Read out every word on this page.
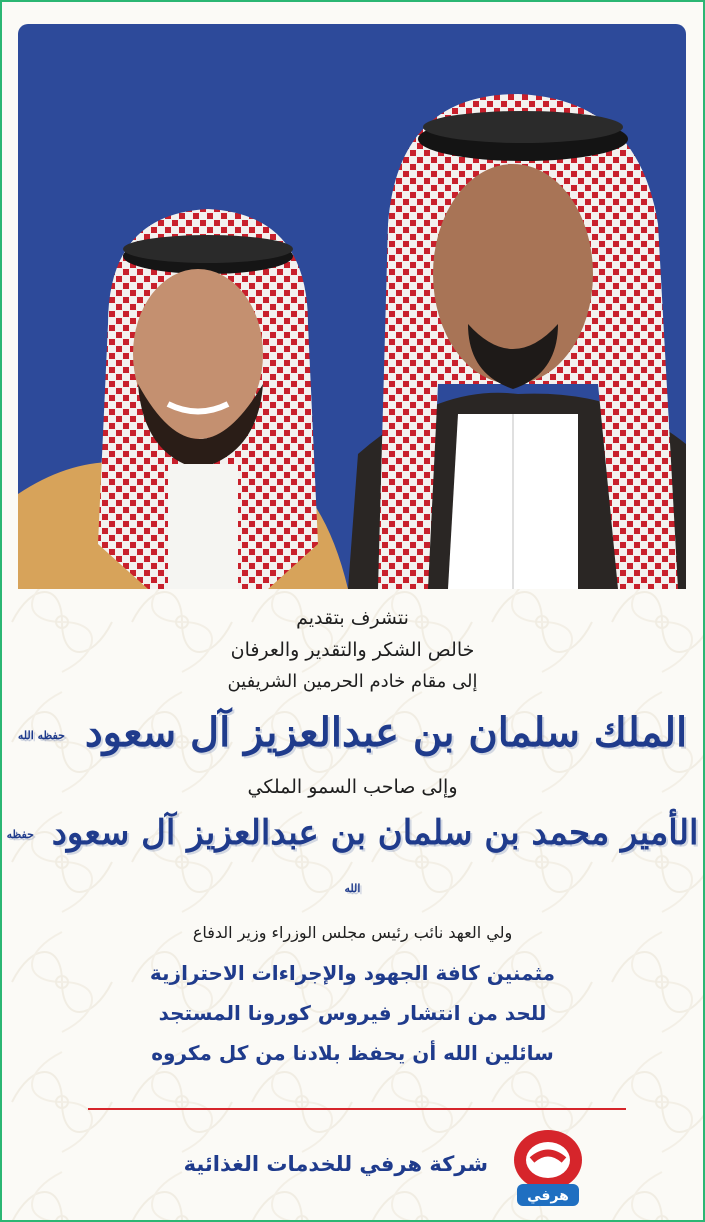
نتشرف بتقديم
خالص الشكر والتقدير والعرفان
إلى مقام خادم الحرمين الشريفين
الملك سلمان بن عبدالعزيز آل سعود حفظه الله
وإلى صاحب السمو الملكي
الأمير محمد بن سلمان بن عبدالعزيز آل سعود حفظه الله
ولي العهد نائب رئيس مجلس الوزراء وزير الدفاع
مثمنين كافة الجهود والإجراءات الاحترازية
للحد من انتشار فيروس كورونا المستجد
سائلين الله أن يحفظ بلادنا من كل مكروه
شركة هرفي للخدمات الغذائية
هرفي
